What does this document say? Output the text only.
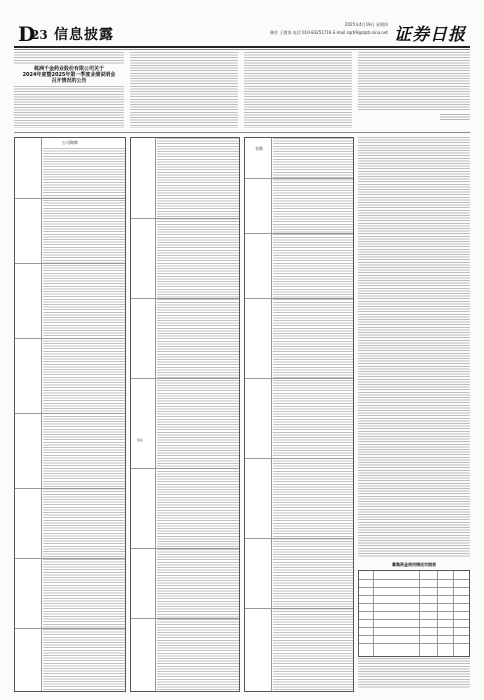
D
23 信息披露
2025年4月19日 星期四
制作 王敬涛 电话 010-83251716 E-mail zqrb9@zqrb.sina.net 证券日报
株洲千金药业股份有限公司关于
2024年度暨2025年第一季度业绩说明会
召开情况的公告
公司简称
股东
名称
募集资金使用情况对照表
